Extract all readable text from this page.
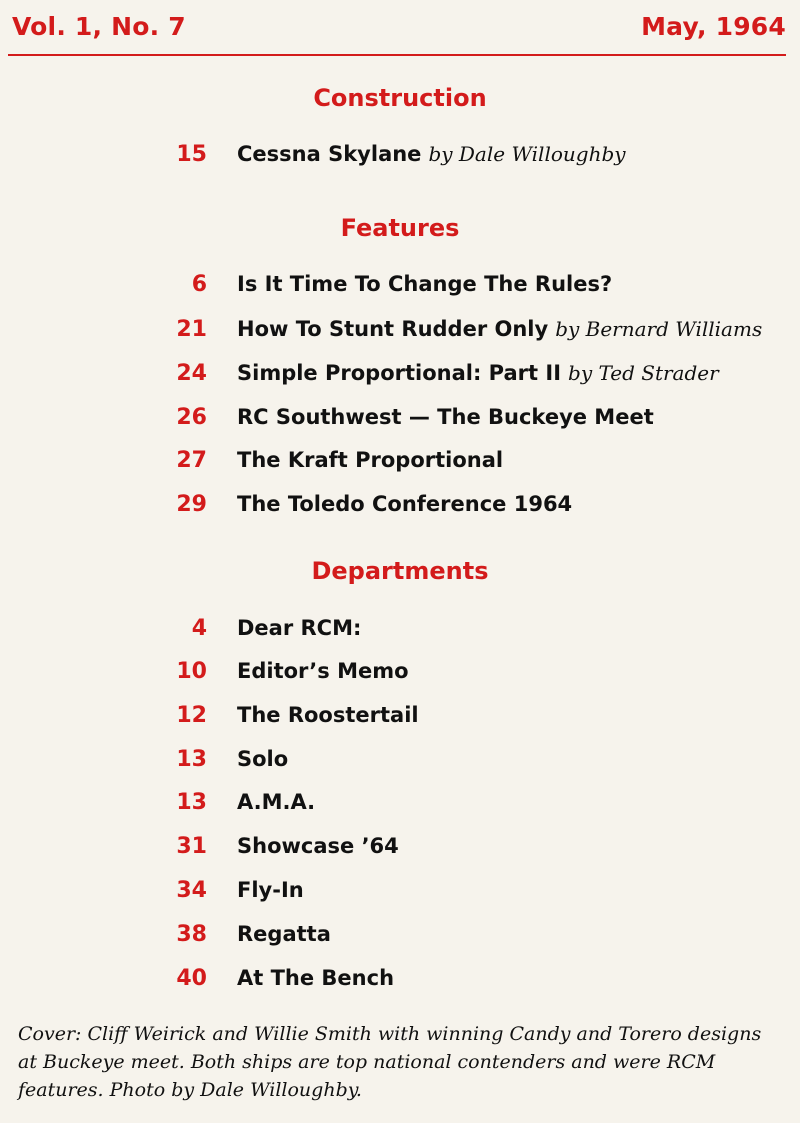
Vol. 1, No. 7	May, 1964
Construction
15 Cessna Skylane by Dale Willoughby
Features
6 Is It Time To Change The Rules?
21 How To Stunt Rudder Only by Bernard Williams
24 Simple Proportional: Part II by Ted Strader
26 RC Southwest — The Buckeye Meet
27 The Kraft Proportional
29 The Toledo Conference 1964
Departments
4 Dear RCM:
10 Editor’s Memo
12 The Roostertail
13 Solo
13 A.M.A.
31 Showcase ’64
34 Fly-In
38 Regatta
40 At The Bench
Cover: Cliff Weirick and Willie Smith with winning Candy and Torero designs at Buckeye meet. Both ships are top national contenders and were RCM features. Photo by Dale Willoughby.
